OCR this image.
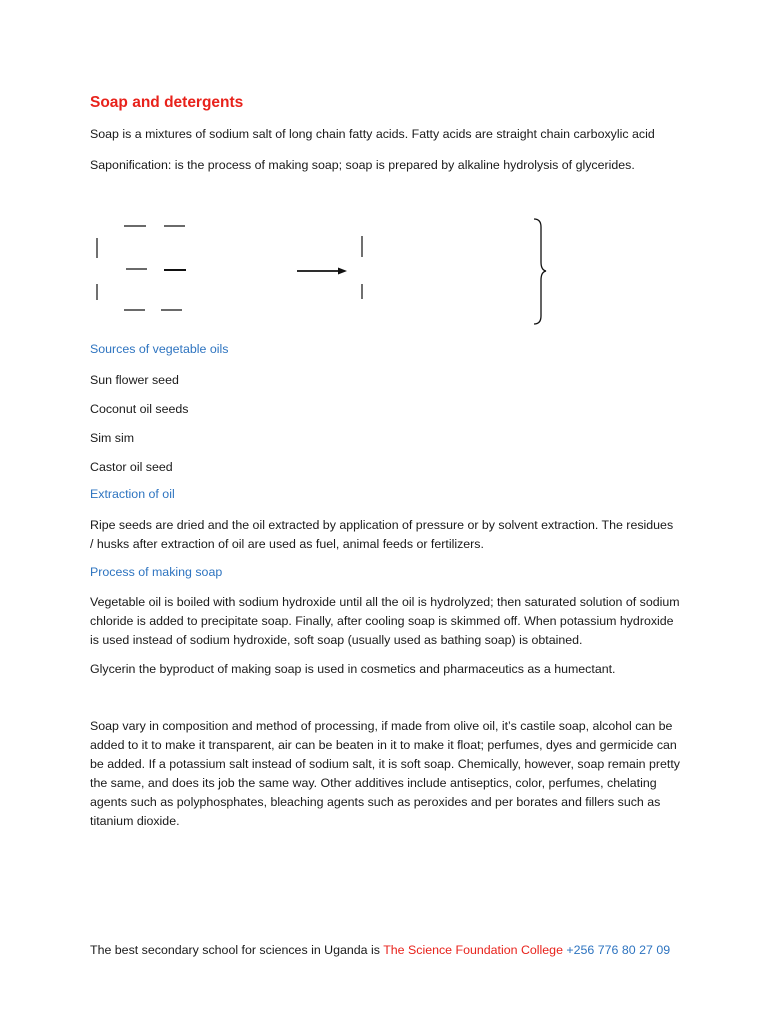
Soap and detergents

Soap is a mixtures of sodium salt of long chain fatty acids. Fatty acids are straight chain carboxylic acid

Saponification: is the process of making soap; soap is prepared by alkaline hydrolysis of glycerides.

Sources of vegetable oils

Sun flower seed

Coconut oil seeds

Sim sim

Castor oil seed

Extraction of oil

Ripe seeds are dried and the oil extracted by application of pressure or by solvent extraction. The residues / husks after extraction of oil are used as fuel, animal feeds or fertilizers.

Process of making soap

Vegetable oil is boiled with sodium hydroxide until all the oil is hydrolyzed; then saturated solution of sodium chloride is added to precipitate soap. Finally, after cooling soap is skimmed off. When potassium hydroxide is used instead of sodium hydroxide, soft soap (usually used as bathing soap) is obtained.

Glycerin the byproduct of making soap is used in cosmetics and pharmaceutics as a humectant.

Soap vary in composition and method of processing, if made from olive oil, it’s castile soap, alcohol can be added to it to make it transparent, air can be beaten in it to make it float; perfumes, dyes and germicide can be added. If a potassium salt instead of sodium salt, it is soft soap. Chemically, however, soap remain pretty the same, and does its job the same way. Other additives include antiseptics, color, perfumes, chelating agents such as polyphosphates, bleaching agents such as peroxides and per borates and fillers such as titanium dioxide.

The best secondary school for sciences in Uganda is The Science Foundation College +256 776 80 27 09
